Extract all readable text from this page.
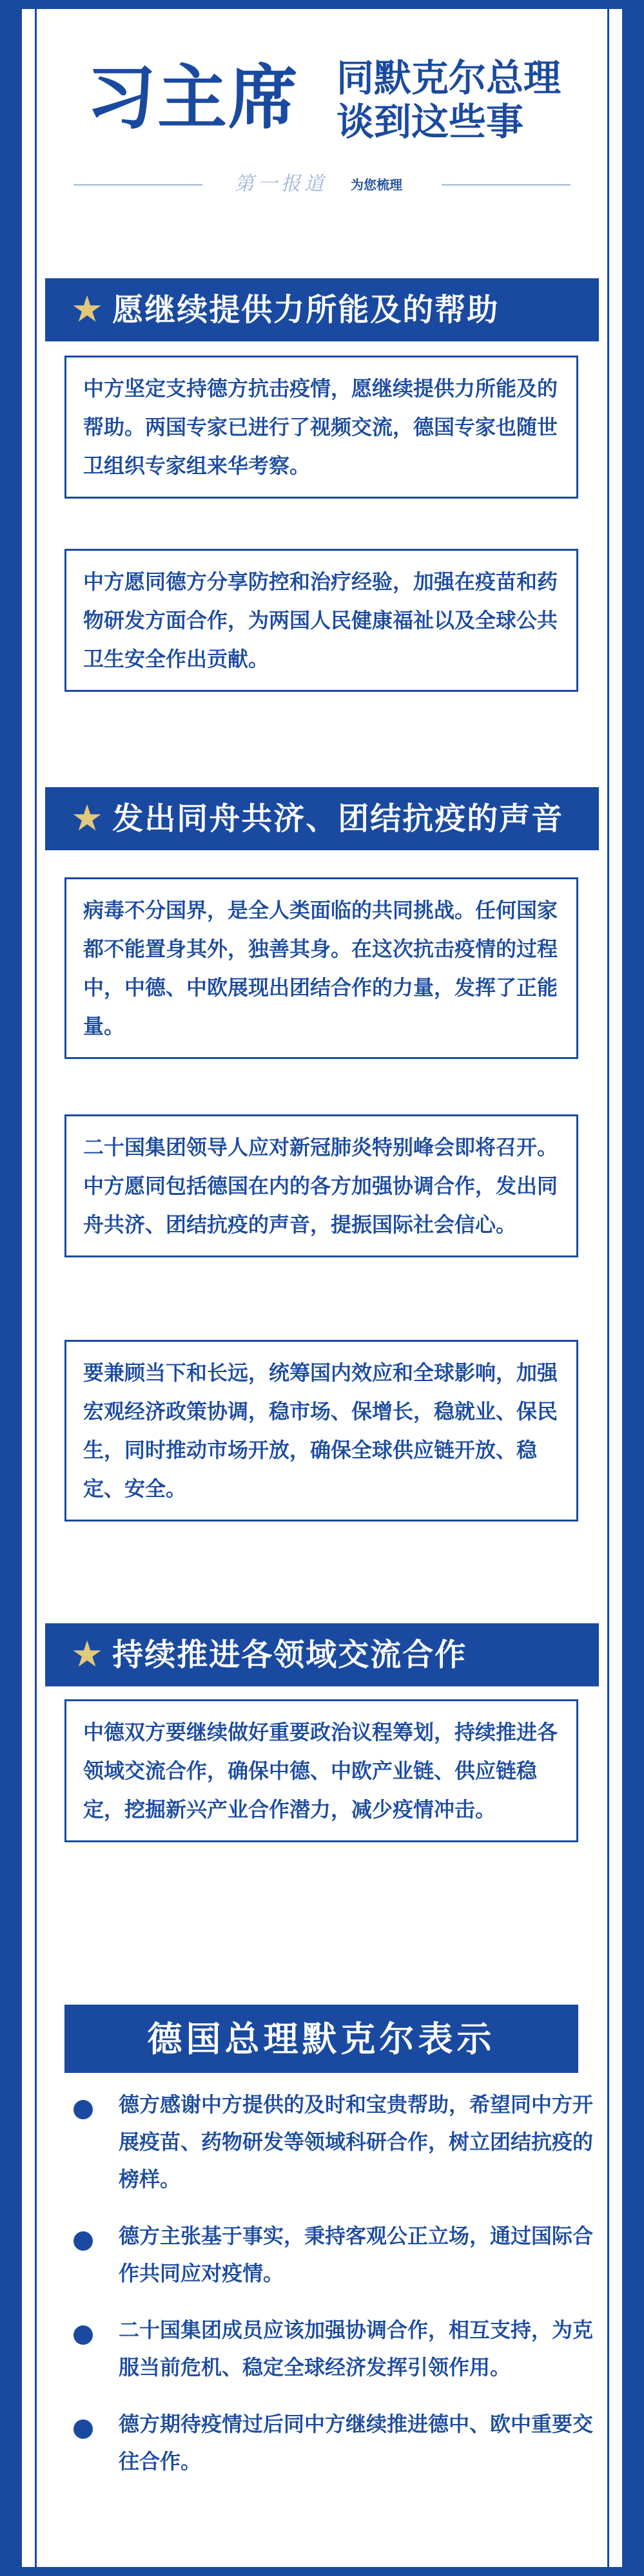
习主席 同默克尔总理
谈到这些事
第一报道 为您梳理
★ 愿继续提供力所能及的帮助

中方坚定支持德方抗击疫情，愿继续提供力所能及的帮助。两国专家已进行了视频交流，德国专家也随世卫组织专家组来华考察。

中方愿同德方分享防控和治疗经验，加强在疫苗和药物研发方面合作，为两国人民健康福祉以及全球公共卫生安全作出贡献。

★ 发出同舟共济、团结抗疫的声音

病毒不分国界，是全人类面临的共同挑战。任何国家都不能置身其外，独善其身。在这次抗击疫情的过程中，中德、中欧展现出团结合作的力量，发挥了正能量。

二十国集团领导人应对新冠肺炎特别峰会即将召开。中方愿同包括德国在内的各方加强协调合作，发出同舟共济、团结抗疫的声音，提振国际社会信心。

要兼顾当下和长远，统筹国内效应和全球影响，加强宏观经济政策协调，稳市场、保增长，稳就业、保民生，同时推动市场开放，确保全球供应链开放、稳定、安全。

★ 持续推进各领域交流合作

中德双方要继续做好重要政治议程筹划，持续推进各领域交流合作，确保中德、中欧产业链、供应链稳定，挖掘新兴产业合作潜力，减少疫情冲击。

德国总理默克尔表示
德方感谢中方提供的及时和宝贵帮助，希望同中方开展疫苗、药物研发等领域科研合作，树立团结抗疫的榜样。
德方主张基于事实，秉持客观公正立场，通过国际合作共同应对疫情。
二十国集团成员应该加强协调合作，相互支持，为克服当前危机、稳定全球经济发挥引领作用。
德方期待疫情过后同中方继续推进德中、欧中重要交往合作。
